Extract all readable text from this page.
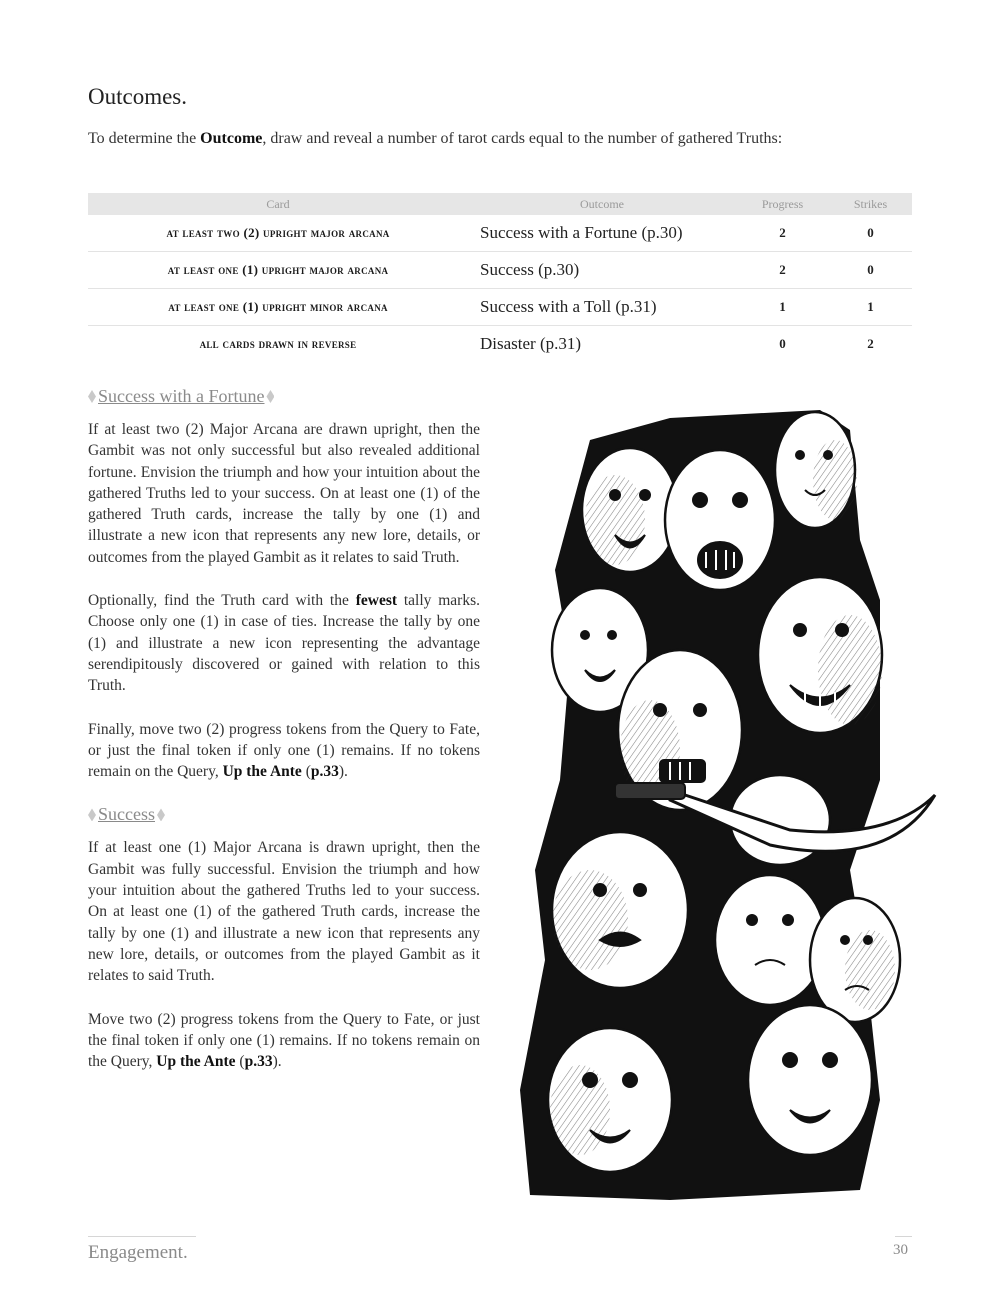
Outcomes.

To determine the Outcome, draw and reveal a number of tarot cards equal to the number of gathered Truths:

Card	Outcome	Progress	Strikes
at least two (2) upright major arcana	Success with a Fortune (p.30)	2	0
at least one (1) upright major arcana	Success (p.30)	2	0
at least one (1) upright minor arcana	Success with a Toll (p.31)	1	1
all cards drawn in reverse	Disaster (p.31)	0	2
Success with a Fortune

If at least two (2) Major Arcana are drawn upright, then the Gambit was not only successful but also revealed additional fortune. Envision the triumph and how your intuition about the gathered Truths led to your success. On at least one (1) of the gathered Truth cards, increase the tally by one (1) and illustrate a new icon that represents any new lore, details, or outcomes from the played Gambit as it relates to said Truth.

Optionally, find the Truth card with the fewest tally marks. Choose only one (1) in case of ties. Increase the tally by one (1) and illustrate a new icon representing the advantage serendipitously discovered or gained with relation to this Truth.

Finally, move two (2) progress tokens from the Query to Fate, or just the final token if only one (1) remains. If no tokens remain on the Query, Up the Ante (p.33).

Success

If at least one (1) Major Arcana is drawn upright, then the Gambit was fully successful. Envision the triumph and how your intuition about the gathered Truths led to your success. On at least one (1) of the gathered Truth cards, increase the tally by one (1) and illustrate a new icon that represents any new lore, details, or outcomes from the played Gambit as it relates to said Truth.

Move two (2) progress tokens from the Query to Fate, or just the final token if only one (1) remains. If no tokens remain on the Query, Up the Ante (p.33).

Engagement.	30
